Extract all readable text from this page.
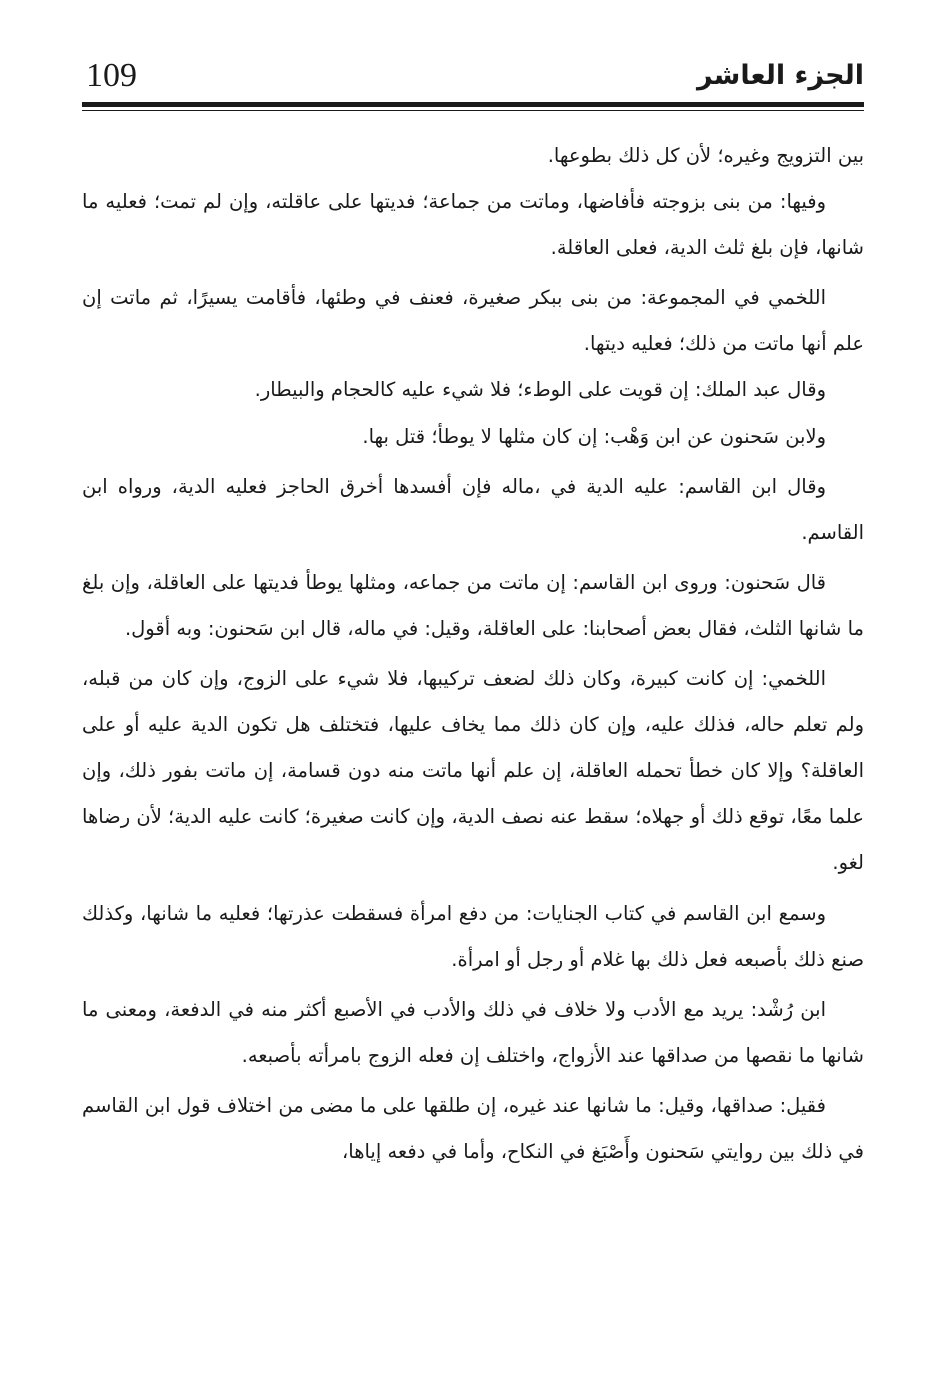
109	الجزء العاشر

بين التزويج وغيره؛ لأن كل ذلك بطوعها.

وفيها: من بنى بزوجته فأفاضها، وماتت من جماعة؛ فديتها على عاقلته، وإن لم تمت؛ فعليه ما شانها، فإن بلغ ثلث الدية، فعلى العاقلة.

اللخمي في المجموعة: من بنى ببكر صغيرة، فعنف في وطئها، فأقامت يسيرًا، ثم ماتت إن علم أنها ماتت من ذلك؛ فعليه ديتها.

وقال عبد الملك: إن قويت على الوطء؛ فلا شيء عليه كالحجام والبيطار.

ولابن سَحنون عن ابن وَهْب: إن كان مثلها لا يوطأ؛ قتل بها.

وقال ابن القاسم: عليه الدية في ،ماله فإن أفسدها أخرق الحاجز فعليه الدية، ورواه ابن القاسم.

قال سَحنون: وروى ابن القاسم: إن ماتت من جماعه، ومثلها يوطأ فديتها على العاقلة، وإن بلغ ما شانها الثلث، فقال بعض أصحابنا: على العاقلة، وقيل: في ماله، قال ابن سَحنون: وبه أقول.

اللخمي: إن كانت كبيرة، وكان ذلك لضعف تركيبها، فلا شيء على الزوج، وإن كان من قبله، ولم تعلم حاله، فذلك عليه، وإن كان ذلك مما يخاف عليها، فتختلف هل تكون الدية عليه أو على العاقلة؟ وإلا كان خطأ تحمله العاقلة، إن علم أنها ماتت منه دون قسامة، إن ماتت بفور ذلك، وإن علما معًا، توقع ذلك أو جهلاه؛ سقط عنه نصف الدية، وإن كانت صغيرة؛ كانت عليه الدية؛ لأن رضاها لغو.

وسمع ابن القاسم في كتاب الجنايات: من دفع امرأة فسقطت عذرتها؛ فعليه ما شانها، وكذلك صنع ذلك بأصبعه فعل ذلك بها غلام أو رجل أو امرأة.

ابن رُشْد: يريد مع الأدب ولا خلاف في ذلك والأدب في الأصبع أكثر منه في الدفعة، ومعنى ما شانها ما نقصها من صداقها عند الأزواج، واختلف إن فعله الزوج بامرأته بأصبعه.

فقيل: صداقها، وقيل: ما شانها عند غيره، إن طلقها على ما مضى من اختلاف قول ابن القاسم في ذلك بين روايتي سَحنون وأَصْبَغ في النكاح، وأما في دفعه إياها،
